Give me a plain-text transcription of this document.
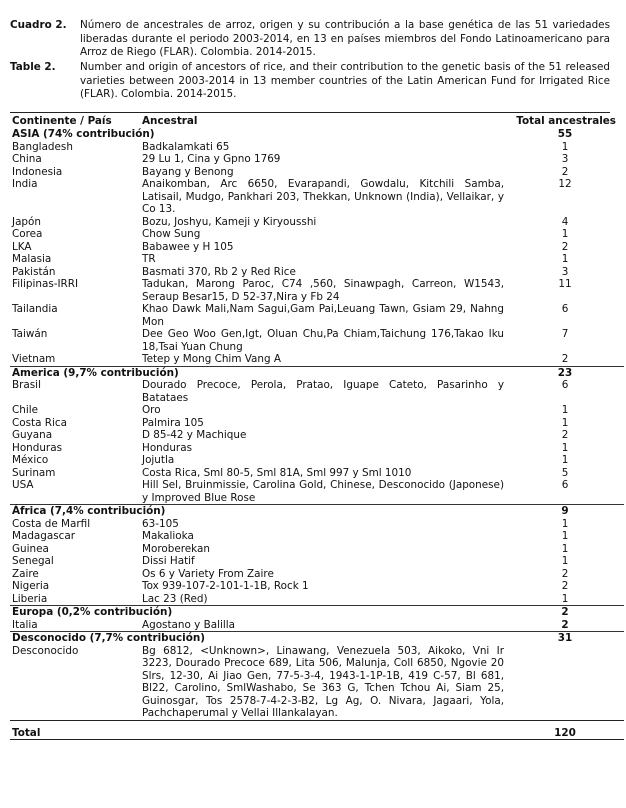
Cuadro 2. Número de ancestrales de arroz, origen y su contribución a la base genética de las 51 variedades liberadas durante el periodo 2003-2014, en 13 en países miembros del Fondo Latinoamericano para Arroz de Riego (FLAR). Colombia. 2014-2015.
Table 2. Number and origin of ancestors of rice, and their contribution to the genetic basis of the 51 released varieties between 2003-2014 in 13 member countries of the Latin American Fund for Irrigated Rice (FLAR). Colombia. 2014-2015.
Continente / País	Ancestral	Total ancestrales
ASIA (74% contribución)		55
Bangladesh	Badkalamkati 65	1
China	29 Lu 1, Cina y Gpno 1769	3
Indonesia	Bayang y Benong	2
India	Anaikomban, Arc 6650, Evarapandi, Gowdalu, Kitchili Samba, Latisail, Mudgo, Pankhari 203, Thekkan, Unknown (India), Vellaikar, y Co 13.	12
Japón	Bozu, Joshyu, Kameji y Kiryousshi	4
Corea	Chow Sung	1
LKA	Babawee y H 105	2
Malasia	TR	1
Pakistán	Basmati 370, Rb 2 y Red Rice	3
Filipinas-IRRI	Tadukan, Marong Paroc, C74 ,560, Sinawpagh, Carreon, W1543, Seraup Besar15, D 52-37,Nira y Fb 24	11
Tailandia	Khao Dawk Mali,Nam Sagui,Gam Pai,Leuang Tawn, Gsiam 29, Nahng Mon	6
Taiwán	Dee Geo Woo Gen,Igt, Oluan Chu,Pa Chiam,Taichung 176,Takao Iku 18,Tsai Yuan Chung	7
Vietnam	Tetep y Mong Chim Vang A	2
America (9,7% contribución)		23
Brasil	Dourado Precoce, Perola, Pratao, Iguape Cateto, Pasarinho y Batataes	6
Chile	Oro	1
Costa Rica	Palmira 105	1
Guyana	D 85-42 y Machique	2
Honduras	Honduras	1
México	Jojutla	1
Surinam	Costa Rica, Sml 80-5, Sml 81A, Sml 997 y Sml 1010	5
USA	Hill Sel, Bruinmissie, Carolina Gold, Chinese, Desconocido (Japonese) y Improved Blue Rose	6
África (7,4% contribución)		9
Costa de Marfil	63-105	1
Madagascar	Makalioka	1
Guinea	Moroberekan	1
Senegal	Dissi Hatif	1
Zaire	Os 6 y Variety From Zaire	2
Nigeria	Tox 939-107-2-101-1-1B, Rock 1	2
Liberia	Lac 23 (Red)	1
Europa (0,2% contribución)		2
Italia	Agostano y Balilla	2
Desconocido (7,7% contribución)		31
Desconocido	Bg 6812, <Unknown>, Linawang, Venezuela 503, Aikoko, Vni Ir 3223, Dourado Precoce 689, Lita 506, Malunja, Coll 6850, Ngovie 20 Slrs, 12-30, Ai Jiao Gen, 77-5-3-4, 1943-1-1P-1B, 419 C-57, Bl 681, Bl22, Carolino, SmlWashabo, Se 363 G, Tchen Tchou Ai, Siam 25, Guinosgar, Tos 2578-7-4-2-3-B2, Lg Ag, O. Nivara, Jagaari, Yola, Pachchaperumal y Vellai Illankalayan.	
Total		120
